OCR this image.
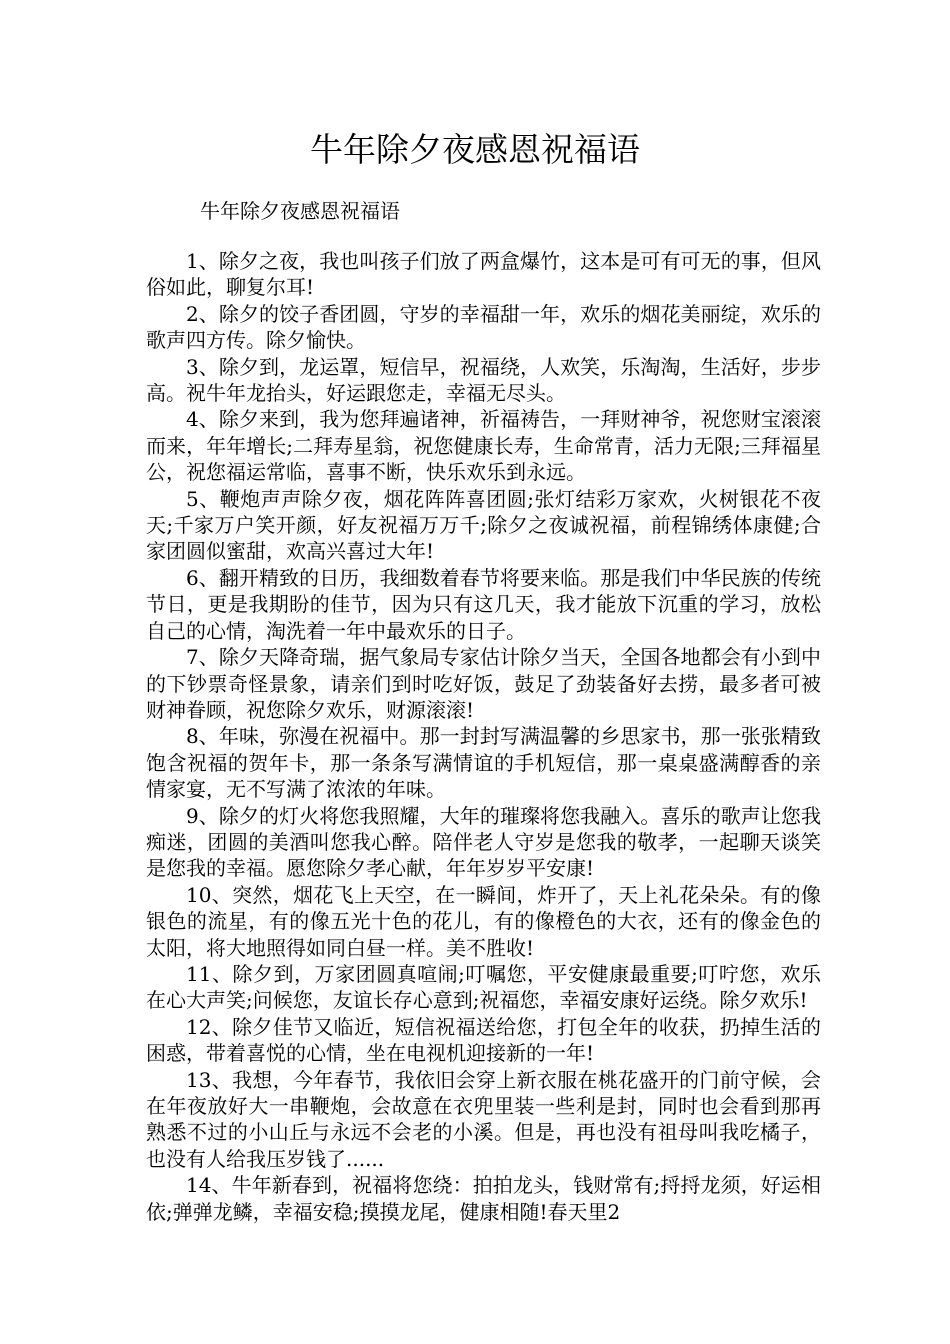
牛年除夕夜感恩祝福语

牛年除夕夜感恩祝福语

1、除夕之夜，我也叫孩子们放了两盒爆竹，这本是可有可无的事，但风俗如此，聊复尔耳!

2、除夕的饺子香团圆，守岁的幸福甜一年，欢乐的烟花美丽绽，欢乐的歌声四方传。除夕愉快。

3、除夕到，龙运罩，短信早，祝福绕，人欢笑，乐淘淘，生活好，步步高。祝牛年龙抬头，好运跟您走，幸福无尽头。

4、除夕来到，我为您拜遍诸神，祈福祷告，一拜财神爷，祝您财宝滚滚而来，年年增长;二拜寿星翁，祝您健康长寿，生命常青，活力无限;三拜福星公，祝您福运常临，喜事不断，快乐欢乐到永远。

5、鞭炮声声除夕夜，烟花阵阵喜团圆;张灯结彩万家欢，火树银花不夜天;千家万户笑开颜，好友祝福万万千;除夕之夜诚祝福，前程锦绣体康健;合家团圆似蜜甜，欢高兴喜过大年!

6、翻开精致的日历，我细数着春节将要来临。那是我们中华民族的传统节日，更是我期盼的佳节，因为只有这几天，我才能放下沉重的学习，放松自己的心情，淘洗着一年中最欢乐的日子。

7、除夕天降奇瑞，据气象局专家估计除夕当天，全国各地都会有小到中的下钞票奇怪景象，请亲们到时吃好饭，鼓足了劲装备好去捞，最多者可被财神眷顾，祝您除夕欢乐，财源滚滚!

8、年味，弥漫在祝福中。那一封封写满温馨的乡思家书，那一张张精致饱含祝福的贺年卡，那一条条写满情谊的手机短信，那一桌桌盛满醇香的亲情家宴，无不写满了浓浓的年味。

9、除夕的灯火将您我照耀，大年的璀璨将您我融入。喜乐的歌声让您我痴迷，团圆的美酒叫您我心醉。陪伴老人守岁是您我的敬孝，一起聊天谈笑是您我的幸福。愿您除夕孝心献，年年岁岁平安康!

10、突然，烟花飞上天空，在一瞬间，炸开了，天上礼花朵朵。有的像银色的流星，有的像五光十色的花儿，有的像橙色的大衣，还有的像金色的太阳，将大地照得如同白昼一样。美不胜收!

11、除夕到，万家团圆真喧闹;叮嘱您，平安健康最重要;叮咛您，欢乐在心大声笑;问候您，友谊长存心意到;祝福您，幸福安康好运绕。除夕欢乐!

12、除夕佳节又临近，短信祝福送给您，打包全年的收获，扔掉生活的困惑，带着喜悦的心情，坐在电视机迎接新的一年!

13、我想，今年春节，我依旧会穿上新衣服在桃花盛开的门前守候，会在年夜放好大一串鞭炮，会故意在衣兜里装一些利是封，同时也会看到那再熟悉不过的小山丘与永远不会老的小溪。但是，再也没有祖母叫我吃橘子，也没有人给我压岁钱了......

14、牛年新春到，祝福将您绕：拍拍龙头，钱财常有;捋捋龙须，好运相依;弹弹龙鳞，幸福安稳;摸摸龙尾，健康相随!春天里2
